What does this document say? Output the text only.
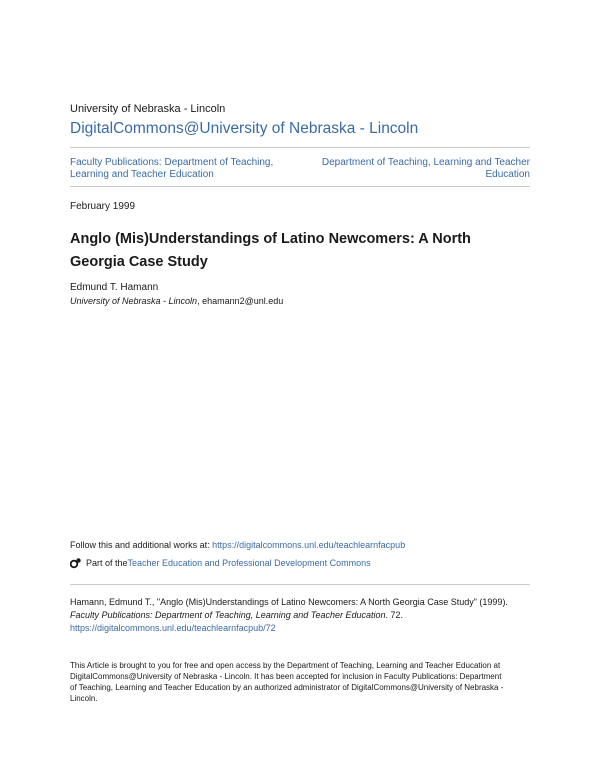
University of Nebraska - Lincoln
DigitalCommons@University of Nebraska - Lincoln
Faculty Publications: Department of Teaching, Learning and Teacher Education
Department of Teaching, Learning and Teacher Education
February 1999
Anglo (Mis)Understandings of Latino Newcomers: A North Georgia Case Study
Edmund T. Hamann
University of Nebraska - Lincoln, ehamann2@unl.edu
Follow this and additional works at: https://digitalcommons.unl.edu/teachlearnfacpub
Part of the Teacher Education and Professional Development Commons
Hamann, Edmund T., "Anglo (Mis)Understandings of Latino Newcomers: A North Georgia Case Study" (1999). Faculty Publications: Department of Teaching, Learning and Teacher Education. 72.
https://digitalcommons.unl.edu/teachlearnfacpub/72
This Article is brought to you for free and open access by the Department of Teaching, Learning and Teacher Education at DigitalCommons@University of Nebraska - Lincoln. It has been accepted for inclusion in Faculty Publications: Department of Teaching, Learning and Teacher Education by an authorized administrator of DigitalCommons@University of Nebraska - Lincoln.
